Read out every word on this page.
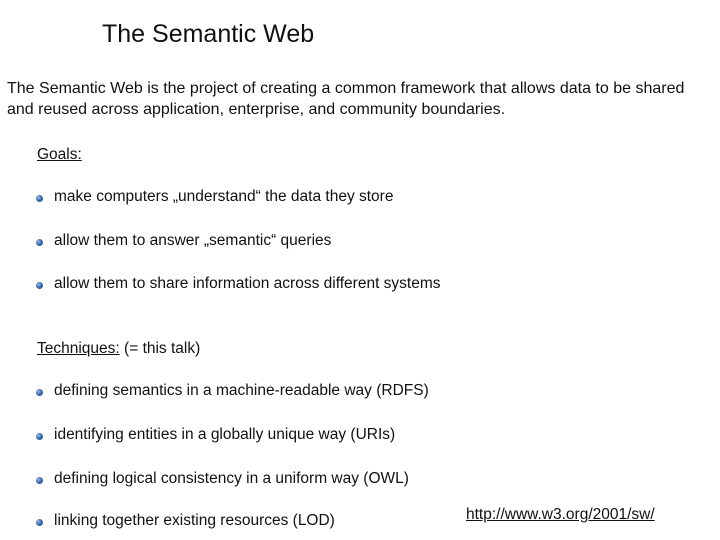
The Semantic Web
The Semantic Web is the project of creating a common framework that allows data to be shared and reused across application, enterprise, and community boundaries.
Goals:
make computers „understand“ the data they store
allow them to answer „semantic“ queries
allow them to share information across different systems
Techniques: (= this talk)
defining semantics in a machine-readable way (RDFS)
identifying entities in a globally unique way (URIs)
defining logical consistency in a uniform way (OWL)
linking together existing resources (LOD)	http://www.w3.org/2001/sw/
